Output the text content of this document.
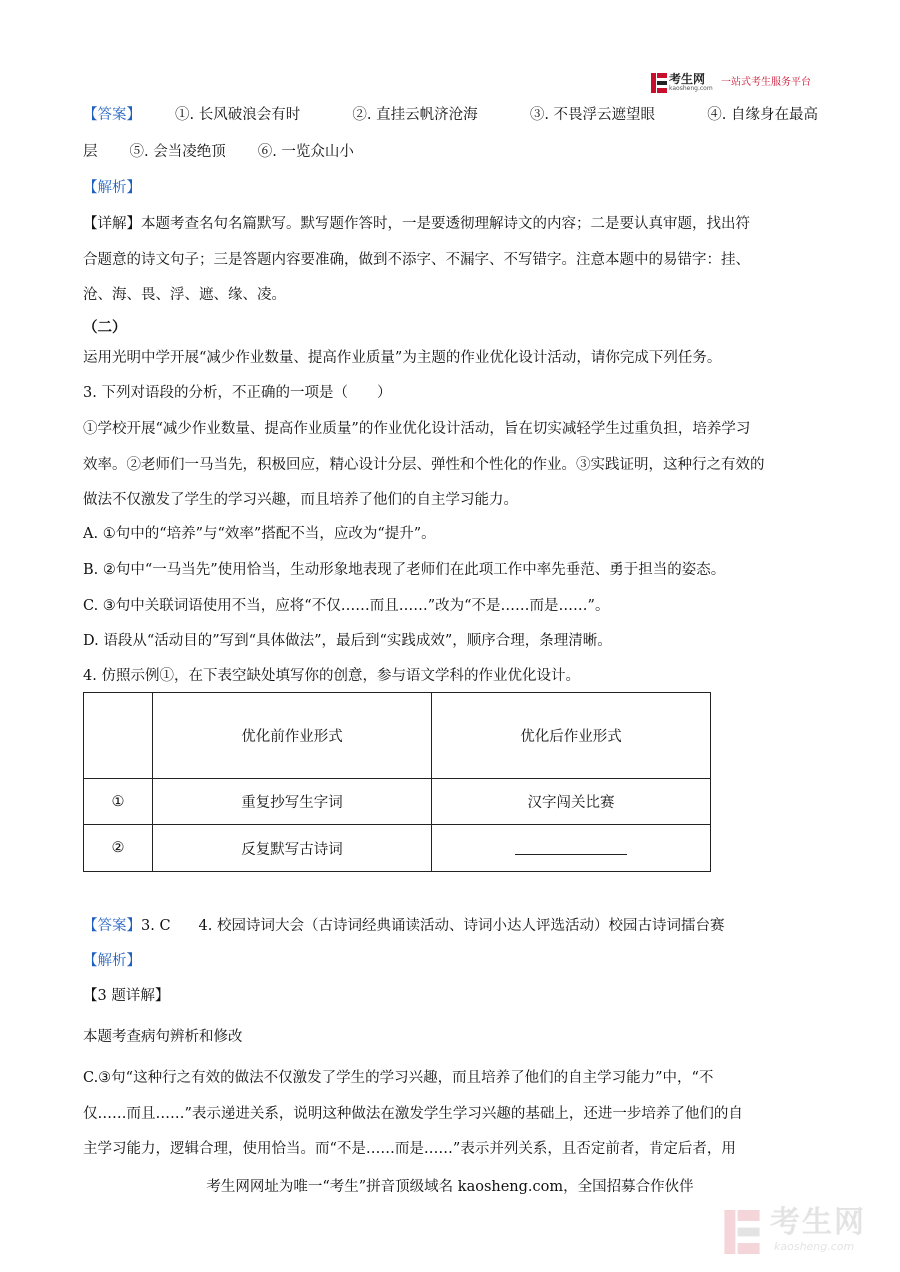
考生网
kaosheng.com
一站式考生服务平台
【答案】 ①. 长风破浪会有时	②. 直挂云帆济沧海	③. 不畏浮云遮望眼	④. 自缘身在最高
层 ⑤. 会当凌绝顶 ⑥. 一览众山小
【解析】
【详解】本题考查名句名篇默写。默写题作答时，一是要透彻理解诗文的内容；二是要认真审题，找出符
合题意的诗文句子；三是答题内容要准确，做到不添字、不漏字、不写错字。注意本题中的易错字：挂、
沧、海、畏、浮、遮、缘、凌。
（二）
运用光明中学开展“减少作业数量、提高作业质量”为主题的作业优化设计活动，请你完成下列任务。
3. 下列对语段的分析，不正确的一项是（　　）
①学校开展“减少作业数量、提高作业质量”的作业优化设计活动，旨在切实减轻学生过重负担，培养学习
效率。②老师们一马当先，积极回应，精心设计分层、弹性和个性化的作业。③实践证明，这种行之有效的
做法不仅激发了学生的学习兴趣，而且培养了他们的自主学习能力。
A. ①句中的“培养”与“效率”搭配不当，应改为“提升”。
B. ②句中“一马当先”使用恰当，生动形象地表现了老师们在此项工作中率先垂范、勇于担当的姿态。
C. ③句中关联词语使用不当，应将“不仅……而且……”改为“不是……而是……”。
D. 语段从“活动目的”写到“具体做法”，最后到“实践成效”，顺序合理，条理清晰。
4. 仿照示例①，在下表空缺处填写你的创意，参与语文学科的作业优化设计。
	优化前作业形式	优化后作业形式
①	重复抄写生字词	汉字闯关比赛
②	反复默写古诗词	
【答案】3. C 4. 校园诗词大会（古诗词经典诵读活动、诗词小达人评选活动）校园古诗词擂台赛
【解析】
【3 题详解】
本题考查病句辨析和修改
C.③句“这种行之有效的做法不仅激发了学生的学习兴趣，而且培养了他们的自主学习能力”中，“不
仅……而且……”表示递进关系，说明这种做法在激发学生学习兴趣的基础上，还进一步培养了他们的自
主学习能力，逻辑合理，使用恰当。而“不是……而是……”表示并列关系，且否定前者，肯定后者，用
考生网网址为唯一“考生”拼音顶级域名 kaosheng.com，全国招募合作伙伴
考生网
kaosheng.com
